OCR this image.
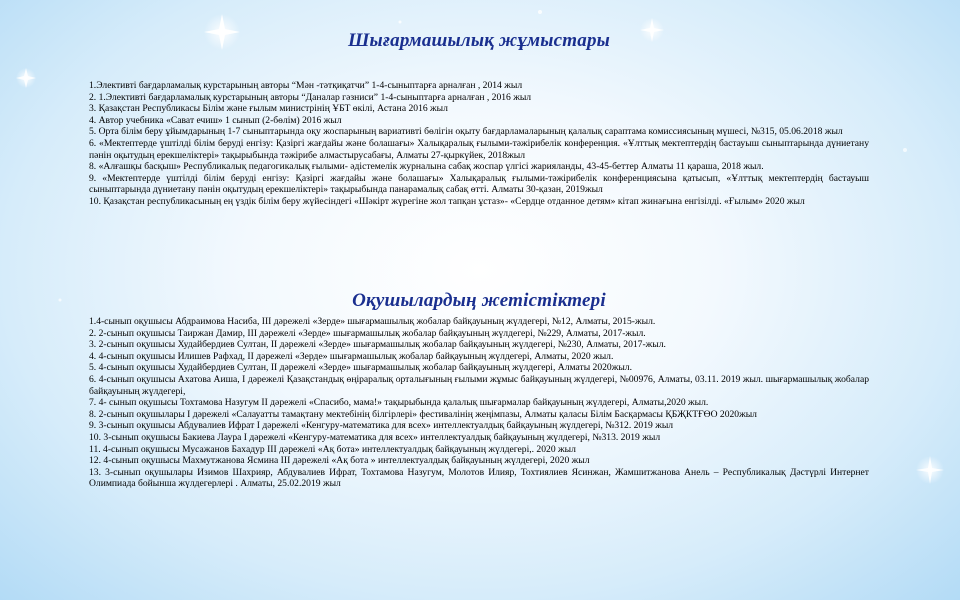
Шығармашылық жұмыстары
1.Элективті бағдарламалық курстарының авторы “Мән -тәтқиқатчи” 1-4-сыныптарға арналған , 2014 жыл
2. 1.Элективті бағдарламалық курстарының авторы “Даналар гәзниси” 1-4-сыныптарға арналған , 2016 жыл
3. Қазақстан Республикасы Білім және ғылым министрінің ҰБТ өкілі, Астана 2016 жыл
4. Автор учебника «Сават ечиш» 1 сынып (2-бөлім) 2016 жыл
5. Орта білім беру ұйымдарының 1-7 сыныптарында оқу жоспарының вариативті бөлігін оқыту бағдарламаларының қалалық сараптама комиссиясының мүшесі, №315, 05.06.2018 жыл
6. «Мектептерде үштілді білім беруді енгізу: Қазіргі жағдайы және болашағы» Халықаралық ғылыми-тәжірибелік конференция. «Ұлттық мектептердің бастауыш сыныптарында дүниетану пәнін оқытудың ерекшеліктері» тақырыбында тәжірибе алмастырусабағы, Алматы 27-қыркүйек, 2018жыл
8. «Алғашқы басқыш» Республикалық педагогикалық ғылыми- әдістемелік журналына сабақ жоспар үлгісі жарияланды, 43-45-беттер Алматы 11 қараша, 2018 жыл.
9. «Мектептерде үштілді білім беруді енгізу: Қазіргі жағдайы және болашағы» Халықаралық ғылыми-тәжірибелік конференциясына қатысып, «Ұлттық мектептердің бастауыш сыныптарында дүниетану пәнін оқытудың ерекшеліктері» тақырыбында панарамалық сабақ өтті. Алматы 30-қазан, 2019жыл
10. Қазақстан республикасының ең үздік білім беру жүйесіндегі «Шәкірт жүрегіне жол тапқан ұстаз»- «Сердце отданное детям» кітап жинағына енгізілді. «Ғылым» 2020 жыл
Оқушылардың жетістіктері
1.4-сынып оқушысы Абдраимова Насиба, ІІІ дәрежелі «Зерде» шығармашылық жобалар байқауының жүлдегері, №12, Алматы, 2015-жыл.
2. 2-сынып оқушысы Таиржан Дамир, ІІІ дәрежелі «Зерде» шығармашылық жобалар байқауының жүлдегері, №229, Алматы, 2017-жыл.
3. 2-сынып оқушысы Худайбердиев Султан, ІІ дәрежелі «Зерде» шығармашылық жобалар байқауының жүлдегері, №230, Алматы, 2017-жыл.
4. 4-сынып оқушысы Илишев Рафхад, ІІ дәрежелі «Зерде» шығармашылық жобалар байқауының жүлдегері, Алматы, 2020 жыл.
5. 4-сынып оқушысы Худайбердиев Султан, ІІ дәрежелі «Зерде» шығармашылық жобалар байқауының жүлдегері, Алматы 2020жыл.
6. 4-сынып оқушысы Ахатова Аиша, І дәрежелі Қазақстандық өңірaралық орталығының ғылыми жұмыс байқауының жүлдегері, №00976, Алматы, 03.11. 2019 жыл. шығармашылық жобалар байқауының жүлдегері,
7. 4- сынып оқушысы Тохтамова Назугум ІІ дәрежелі «Спасибо, мама!» тақырыбында қалалық шығармалар байқауының жүлдегері, Алматы,2020 жыл.
8. 2-сынып оқушылары І дәрежелі «Салауатты тамақтану мектебінің білгірлері» фестивалінің жеңімпазы, Алматы қаласы Білім Басқармасы ҚБҖКТҒӨО 2020жыл
9. 3-сынып оқушысы Абдувалиев Ифрат І дәрежелі «Кенгуру-математика для всех» интеллектуалдық байқауының жүлдегері, №312. 2019 жыл
10. 3-сынып оқушысы Бакиева Лаура І дәрежелі «Кенгуру-математика для всех» интеллектуалдық байқауының жүлдегері, №313. 2019 жыл
11. 4-сынып оқушысы Мусажанов Бахадур ІІІ дәрежелі «Ақ бота» интеллектуалдық байқауының жүлдегері,. 2020 жыл
12. 4-сынып оқушысы Махмутжанова Ясмина ІІІ дәрежелі «Ақ бота » интеллектуалдық байқауының жүлдегері, 2020 жыл
13. 3-сынып оқушылары Изимов Шахрияр, Абдувалиев Ифрат, Тохтамова Назугум, Молотов Илияр, Тохтиялиев Ясинжан, Жамшитжанова Анель – Республикалық Дәстүрлі Интернет Олимпиада бойынша жүлдегерлері . Алматы, 25.02.2019 жыл
